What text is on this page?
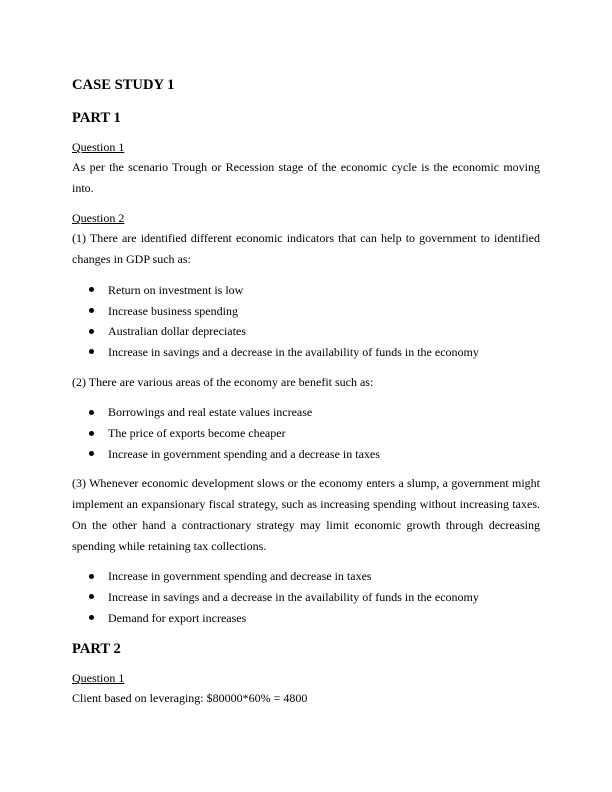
CASE STUDY 1
PART 1
Question 1

As per the scenario Trough or Recession stage of the economic cycle is the economic moving into.

Question 2

(1) There are identified different economic indicators that can help to government to identified changes in GDP such as:

Return on investment is low
Increase business spending
Australian dollar depreciates
Increase in savings and a decrease in the availability of funds in the economy

(2) There are various areas of the economy are benefit such as:

Borrowings and real estate values increase
The price of exports become cheaper
Increase in government spending and a decrease in taxes

(3) Whenever economic development slows or the economy enters a slump, a government might implement an expansionary fiscal strategy, such as increasing spending without increasing taxes. On the other hand a contractionary strategy may limit economic growth through decreasing spending while retaining tax collections.

Increase in government spending and decrease in taxes
Increase in savings and a decrease in the availability of funds in the economy
Demand for export increases
PART 2
Question 1

Client based on leveraging: $80000*60% = 4800
